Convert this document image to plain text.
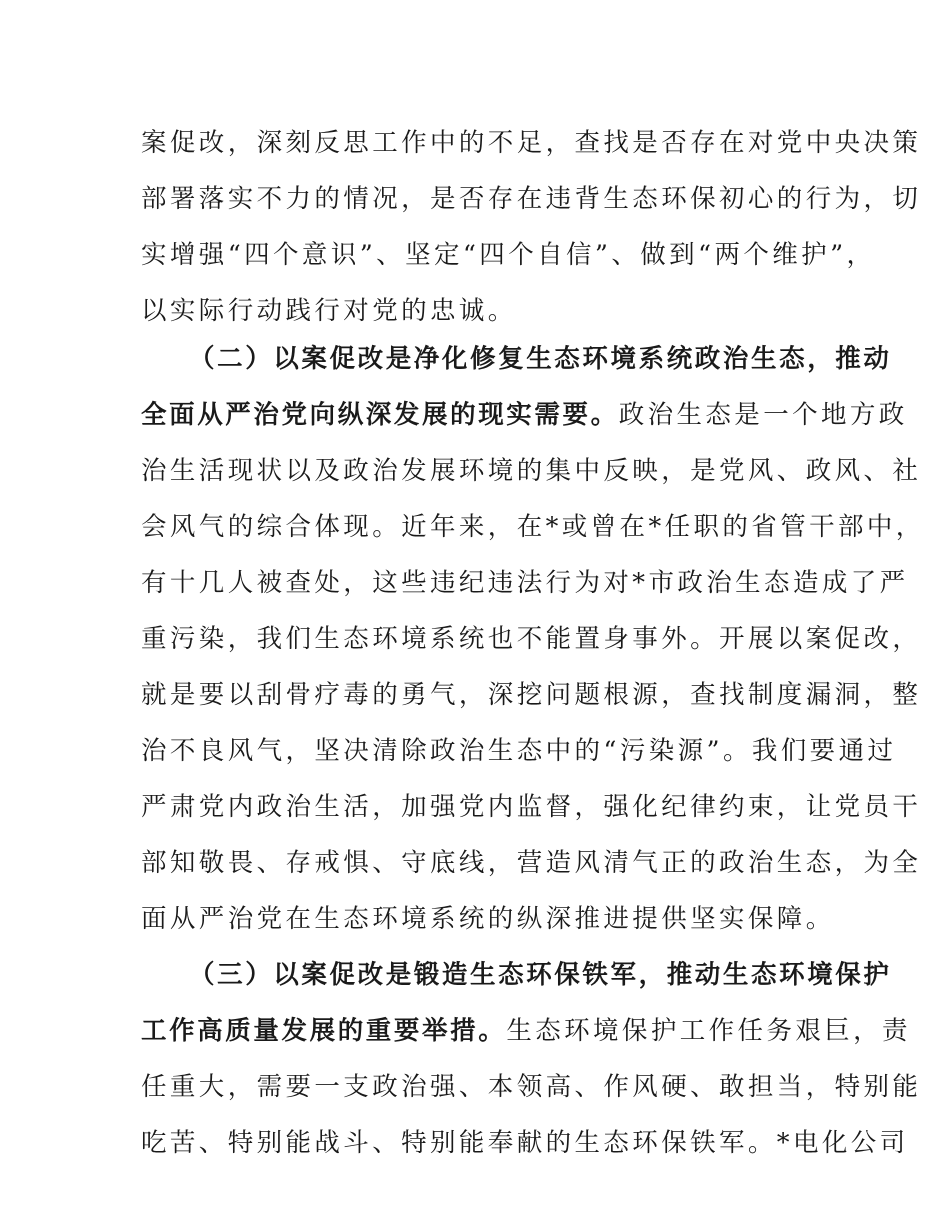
案促改，深刻反思工作中的不足，查找是否存在对党中央决策
部署落实不力的情况，是否存在违背生态环保初心的行为，切
实增强“四个意识”、坚定“四个自信”、做到“两个维护”，
以实际行动践行对党的忠诚。
（二）以案促改是净化修复生态环境系统政治生态，推动
全面从严治党向纵深发展的现实需要。政治生态是一个地方政
治生活现状以及政治发展环境的集中反映，是党风、政风、社
会风气的综合体现。近年来，在*或曾在*任职的省管干部中，
有十几人被查处，这些违纪违法行为对*市政治生态造成了严
重污染，我们生态环境系统也不能置身事外。开展以案促改，
就是要以刮骨疗毒的勇气，深挖问题根源，查找制度漏洞，整
治不良风气，坚决清除政治生态中的“污染源”。我们要通过
严肃党内政治生活，加强党内监督，强化纪律约束，让党员干
部知敬畏、存戒惧、守底线，营造风清气正的政治生态，为全
面从严治党在生态环境系统的纵深推进提供坚实保障。
（三）以案促改是锻造生态环保铁军，推动生态环境保护
工作高质量发展的重要举措。生态环境保护工作任务艰巨，责
任重大，需要一支政治强、本领高、作风硬、敢担当，特别能
吃苦、特别能战斗、特别能奉献的生态环保铁军。*电化公司
